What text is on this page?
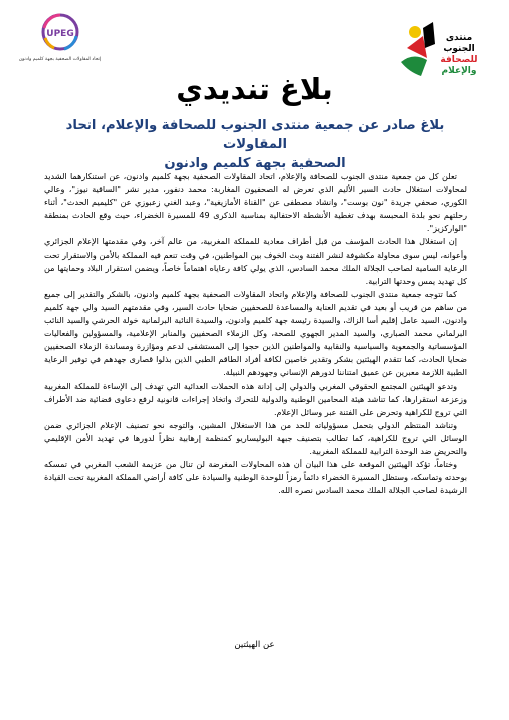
UPEG
إتحاد المقاولات الصحفية بجهة كلميم وادنون
منتدى
الجنوب
للصحافة
والإعلام
بلاغ تنديدي
بلاغ صادر عن جمعية منتدى الجنوب للصحافة والإعلام، اتحاد المقاولات
الصحفية بجهة كلميم وادنون

تعلن كل من جمعية منتدى الجنوب للصحافة والإعلام، اتحاد المقاولات الصحفية بجهة كلميم وادنون، عن استنكارهما الشديد لمحاولات استغلال حادث السير الأليم الذي تعرض له الصحفيون المغاربة: محمد دنفور، مدير نشر "الساقية نيوز"، وعالي الكوري، صحفي جريدة "نون بوست"، وانشاد مصطفى عن "القناة الأمازيغية"، وعبد الغني زعبوزي عن "كليميم الحدث"، أثناء رحلتهم نحو بلدة المحبسة بهدف تغطية الأنشطة الاحتفالية بمناسبة الذكرى 49 للمسيرة الخضراء، حيث وقع الحادث بمنطقة "الواركزيز".

إن استغلال هذا الحادث المؤسف من قبل أطراف معادية للمملكة المغربية، من عالم آخر، وفي مقدمتها الإعلام الجزائري وأعوانه، ليس سوى محاولة مكشوفة لنشر الفتنة وبث الخوف بين المواطنين، في وقت تنعم فيه المملكة بالأمن والاستقرار تحت الرعاية السامية لصاحب الجلالة الملك محمد السادس، الذي يولي كافة رعاياه اهتماماً خاصاً، ويضمن استقرار البلاد وحمايتها من كل تهديد يمس وحدتها الترابية.

كما تتوجه جمعية منتدى الجنوب للصحافة والإعلام واتحاد المقاولات الصحفية بجهة كلميم وادنون، بالشكر والتقدير إلى جميع من ساهم من قريب أو بعيد في تقديم العناية والمساعدة للصحفيين ضحايا حادث السير، وفي مقدمتهم السيد والي جهة كلميم وادنون، السيد عامل إقليم أسا الزاك، والسيدة رئيسة جهة كلميم وادنون، والسيدة النائبة البرلمانية خولة الحرشي والسيد النائب البرلماني محمد الصباري، والسيد المدير الجهوي للصحة، وكل الزملاء الصحفيين والمنابر الإعلامية، والمسؤولين والفعاليات المؤسساتية والجمعوية والسياسية والنقابية والمواطنين الذين حجوا إلى المستشفى لدعم ومؤازرة ومساندة الزملاء الصحفيين ضحايا الحادث، كما تتقدم الهيئتين بشكر وتقدير خاصين لكافة أفراد الطاقم الطبي الذين بذلوا قصارى جهدهم في توفير الرعاية الطبية اللازمة معبرين عن عميق امتناننا لدورهم الإنساني وجهودهم النبيلة.

وتدعو الهيئتين المجتمع الحقوقي المغربي والدولي إلى إدانة هذه الحملات العدائية التي تهدف إلى الإساءة للمملكة المغربية وزعزعة استقرارها، كما تناشد هيئة المحامين الوطنية والدولية للتحرك واتخاذ إجراءات قانونية لرفع دعاوى قضائية ضد الأطراف التي تروج للكراهية وتحرض على الفتنة عبر وسائل الإعلام.

وتناشد المنتظم الدولي بتحمل مسؤولياته للحد من هذا الاستغلال المشين، والتوجه نحو تصنيف الإعلام الجزائري ضمن الوسائل التي تروج للكراهية، كما تطالب بتصنيف جبهة البوليساريو كمنظمة إرهابية نظراً لدورها في تهديد الأمن الإقليمي والتحريض ضد الوحدة الترابية للمملكة المغربية.

وختاماً، تؤكد الهيئتين الموقعة على هذا البيان أن هذه المحاولات المغرضة لن تنال من عزيمة الشعب المغربي في تمسكه بوحدته وتماسكه، وستظل المسيرة الخضراء دائماً رمزاً للوحدة الوطنية والسيادة على كافة أراضي المملكة المغربية تحت القيادة الرشيدة لصاحب الجلالة الملك محمد السادس نصره الله.

عن الهيئتين
